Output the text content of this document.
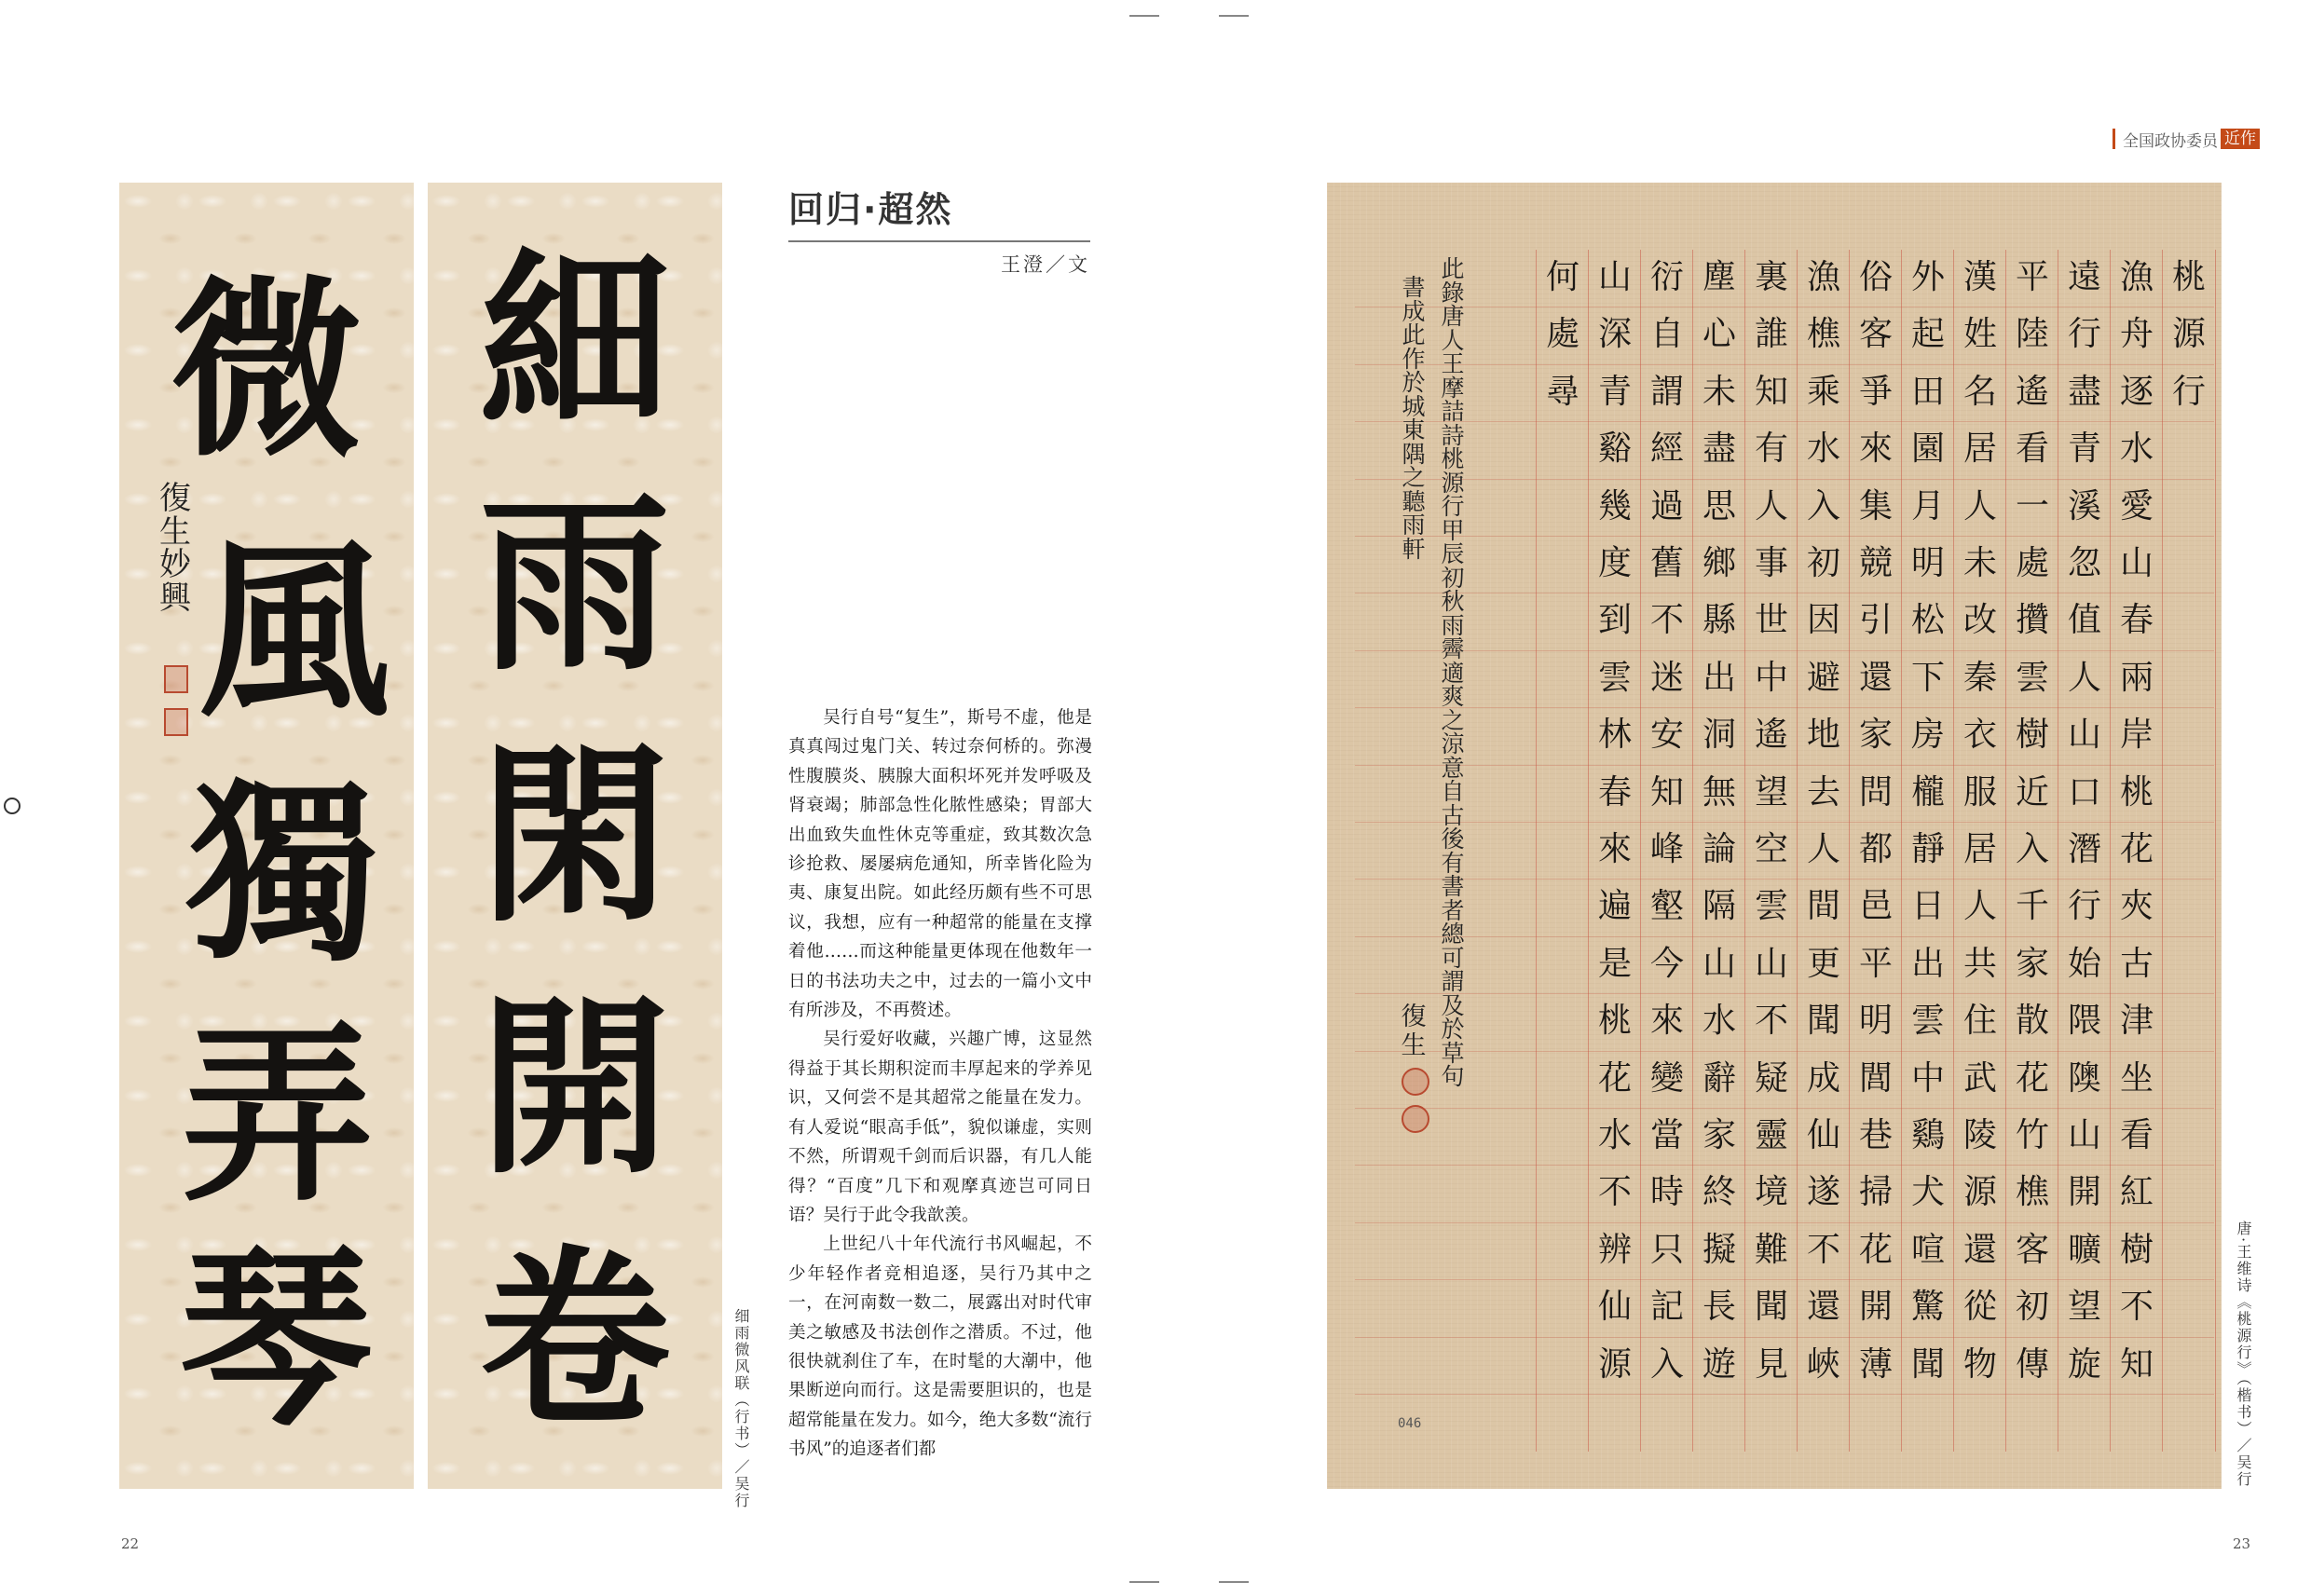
全国政协委员 近作
微
風
獨
弄
琴
復生妙興
細
雨
閑
開
卷	细雨微风联（行书）／吴行
回归·超然
王澄／文

吴行自号“复生”，斯号不虚，他是真真闯过鬼门关、转过奈何桥的。弥漫性腹膜炎、胰腺大面积坏死并发呼吸及肾衰竭；肺部急性化脓性感染；胃部大出血致失血性休克等重症，致其数次急诊抢救、屡屡病危通知，所幸皆化险为夷、康复出院。如此经历颇有些不可思议，我想，应有一种超常的能量在支撑着他……而这种能量更体现在他数年一日的书法功夫之中，过去的一篇小文中有所涉及，不再赘述。

吴行爱好收藏，兴趣广博，这显然得益于其长期积淀而丰厚起来的学养见识，又何尝不是其超常之能量在发力。有人爱说“眼高手低”，貌似谦虚，实则不然，所谓观千剑而后识器，有几人能得？“百度”几下和观摩真迹岂可同日语？吴行于此令我歆羡。

上世纪八十年代流行书风崛起，不少年轻作者竞相追逐，吴行乃其中之一，在河南数一数二，展露出对时代审美之敏感及书法创作之潜质。不过，他很快就刹住了车，在时髦的大潮中，他果断逆向而行。这是需要胆识的，也是超常能量在发力。如今，绝大多数“流行书风”的追逐者们都

桃
源
行
漁
舟
逐
水
愛
山
春
兩
岸
桃
花
夾
古
津
坐
看
紅
樹
不
知
遠
行
盡
青
溪
忽
值
人
山
口
潛
行
始
隈
隩
山
開
曠
望
旋
平
陸
遙
看
一
處
攢
雲
樹
近
入
千
家
散
花
竹
樵
客
初
傳
漢
姓
名
居
人
未
改
秦
衣
服
居
人
共
住
武
陵
源
還
從
物
外
起
田
園
月
明
松
下
房
櫳
靜
日
出
雲
中
鷄
犬
喧
驚
聞
俗
客
爭
來
集
競
引
還
家
問
都
邑
平
明
閭
巷
掃
花
開
薄
漁
樵
乘
水
入
初
因
避
地
去
人
間
更
聞
成
仙
遂
不
還
峽
裏
誰
知
有
人
事
世
中
遙
望
空
雲
山
不
疑
靈
境
難
聞
見
塵
心
未
盡
思
鄉
縣
出
洞
無
論
隔
山
水
辭
家
終
擬
長
遊
衍
自
謂
經
過
舊
不
迷
安
知
峰
壑
今
來
變
當
時
只
記
入
山
深
青
谿
幾
度
到
雲
林
春
來
遍
是
桃
花
水
不
辨
仙
源
何
處
尋
此錄唐人王摩詰詩桃源行甲辰初秋雨霽適爽之涼意自古後有書者總可謂及於草句
書成此作於城東隅之聽雨軒
復生
046	唐·王维诗《桃源行》（楷书）／吴行
22	23
